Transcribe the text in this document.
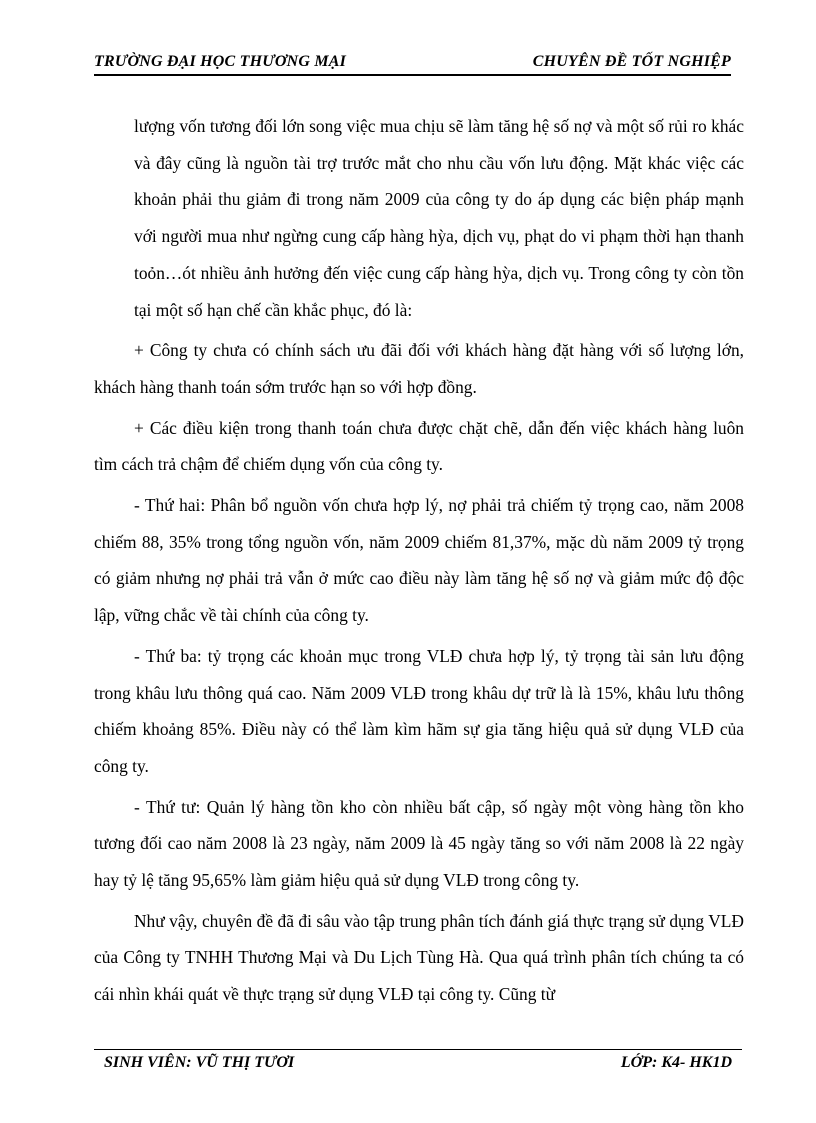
TRƯỜNG ĐẠI HỌC THƯƠNG MẠI	CHUYÊN ĐỀ TỐT NGHIỆP

lượng vốn tương đối lớn song việc mua chịu sẽ làm tăng hệ số nợ và một số rủi ro khác và đây cũng là nguồn tài trợ trước mắt cho nhu cầu vốn lưu động. Mặt khác việc các khoản phải thu giảm đi trong năm 2009 của công ty do áp dụng các biện pháp mạnh với người mua như ngừng cung cấp hàng hỳa, dịch vụ, phạt do vi phạm thời hạn thanh toỏn…ót nhiều ảnh hưởng đến việc cung cấp hàng hỳa, dịch vụ. Trong công ty còn tồn tại một số hạn chế cần khắc phục, đó là:

+ Công ty chưa có chính sách ưu đãi đối với khách hàng đặt hàng với số lượng lớn, khách hàng thanh toán sớm trước hạn so với hợp đồng.

+ Các điều kiện trong thanh toán chưa được chặt chẽ, dẫn đến việc khách hàng luôn tìm cách trả chậm để chiếm dụng vốn của công ty.

- Thứ hai: Phân bổ nguồn vốn chưa hợp lý, nợ phải trả chiếm tỷ trọng cao, năm 2008 chiếm 88, 35% trong tổng nguồn vốn, năm 2009 chiếm 81,37%, mặc dù năm 2009 tỷ trọng có giảm nhưng nợ phải trả vẫn ở mức cao điều này làm tăng hệ số nợ và giảm mức độ độc lập, vững chắc về tài chính của công ty.

- Thứ ba: tỷ trọng các khoản mục trong VLĐ chưa hợp lý, tỷ trọng tài sản lưu động trong khâu lưu thông quá cao. Năm 2009 VLĐ trong khâu dự trữ là là 15%, khâu lưu thông chiếm khoảng 85%. Điều này có thể làm kìm hãm sự gia tăng hiệu quả sử dụng VLĐ của công ty.

- Thứ tư: Quản lý hàng tồn kho còn nhiều bất cập, số ngày một vòng hàng tồn kho tương đối cao năm 2008 là 23 ngày, năm 2009 là 45 ngày tăng so với năm 2008 là 22 ngày hay tỷ lệ tăng 95,65% làm giảm hiệu quả sử dụng VLĐ trong công ty.

Như vậy, chuyên đề đã đi sâu vào tập trung phân tích đánh giá thực trạng sử dụng VLĐ của Công ty TNHH Thương Mại và Du Lịch Tùng Hà. Qua quá trình phân tích chúng ta có cái nhìn khái quát về thực trạng sử dụng VLĐ tại công ty. Cũng từ

SINH VIÊN: VŨ THỊ TƯƠI	LỚP: K4- HK1D
